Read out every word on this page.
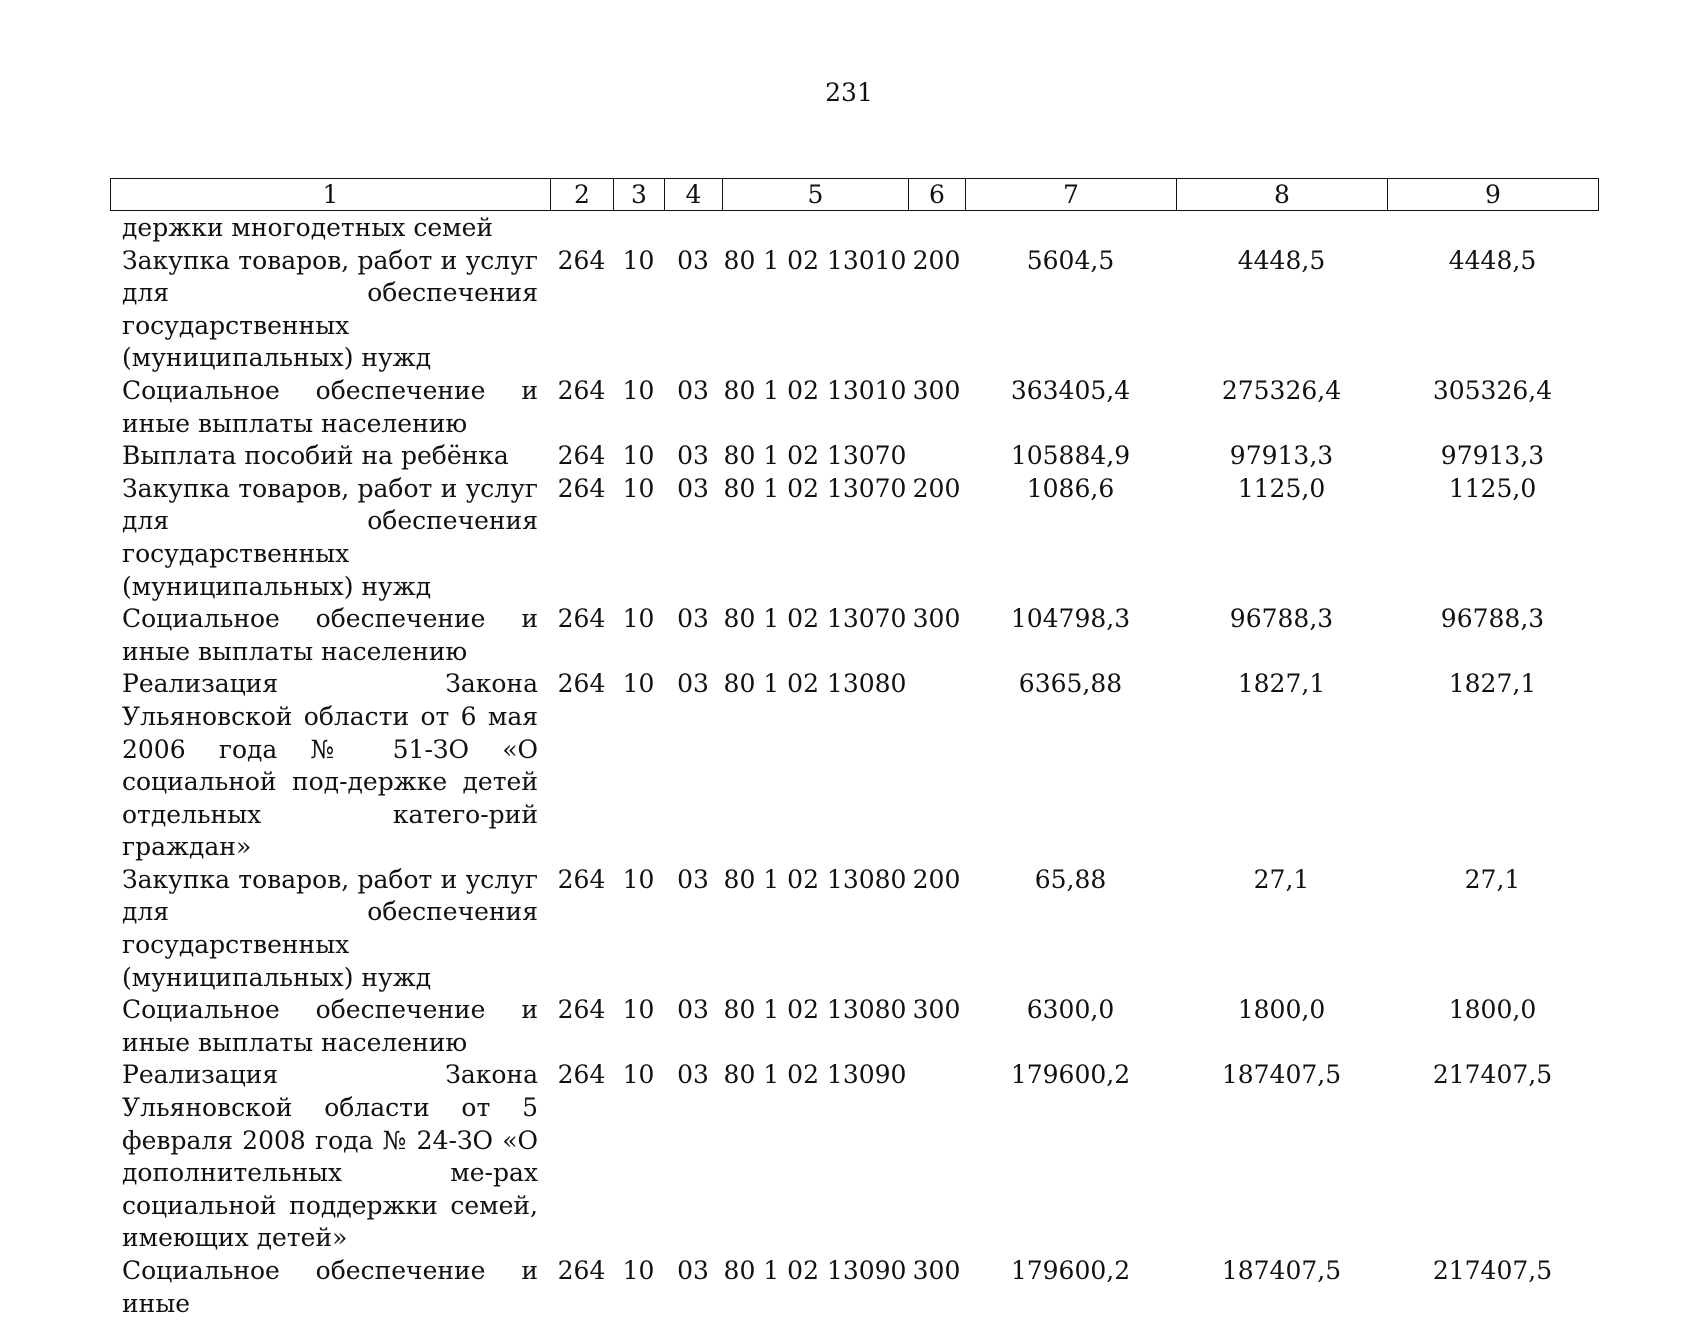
231
1	2	3	4	5	6	7	8	9
держки многодетных семей								
Закупка товаров, работ и услуг для обеспечения государственных (муниципальных) нужд	264	10	03	80 1 02 13010	200	5604,5	4448,5	4448,5
Социальное обеспечение и иные выплаты населению	264	10	03	80 1 02 13010	300	363405,4	275326,4	305326,4
Выплата пособий на ребёнка	264	10	03	80 1 02 13070		105884,9	97913,3	97913,3
Закупка товаров, работ и услуг для обеспечения государственных (муниципальных) нужд	264	10	03	80 1 02 13070	200	1086,6	1125,0	1125,0
Социальное обеспечение и иные выплаты населению	264	10	03	80 1 02 13070	300	104798,3	96788,3	96788,3
Реализация Закона Ульяновской области от 6 мая 2006 года № 51-ЗО «О социальной под-держке детей отдельных катего-рий граждан»	264	10	03	80 1 02 13080		6365,88	1827,1	1827,1
Закупка товаров, работ и услуг для обеспечения государственных (муниципальных) нужд	264	10	03	80 1 02 13080	200	65,88	27,1	27,1
Социальное обеспечение и иные выплаты населению	264	10	03	80 1 02 13080	300	6300,0	1800,0	1800,0
Реализация Закона Ульяновской области от 5 февраля 2008 года № 24-ЗО «О дополнительных ме-рах социальной поддержки семей, имеющих детей»	264	10	03	80 1 02 13090		179600,2	187407,5	217407,5
Социальное обеспечение и иные	264	10	03	80 1 02 13090	300	179600,2	187407,5	217407,5
